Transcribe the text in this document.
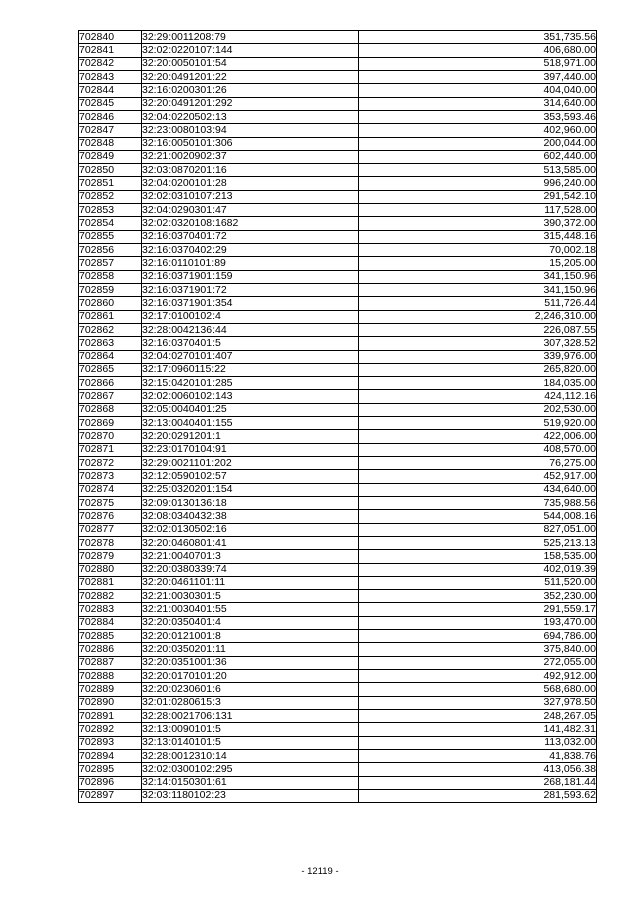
702840	32:29:0011208:79	351,735.56
702841	32:02:0220107:144	406,680.00
702842	32:20:0050101:54	518,971.00
702843	32:20:0491201:22	397,440.00
702844	32:16:0200301:26	404,040.00
702845	32:20:0491201:292	314,640.00
702846	32:04:0220502:13	353,593.46
702847	32:23:0080103:94	402,960.00
702848	32:16:0050101:306	200,044.00
702849	32:21:0020902:37	602,440.00
702850	32:03:0870201:16	513,585.00
702851	32:04:0200101:28	996,240.00
702852	32:02:0310107:213	291,542.10
702853	32:04:0290301:47	117,528.00
702854	32:02:0320108:1682	390,372.00
702855	32:16:0370401:72	315,448.16
702856	32:16:0370402:29	70,002.18
702857	32:16:0110101:89	15,205.00
702858	32:16:0371901:159	341,150.96
702859	32:16:0371901:72	341,150.96
702860	32:16:0371901:354	511,726.44
702861	32:17:0100102:4	2,246,310.00
702862	32:28:0042136:44	226,087.55
702863	32:16:0370401:5	307,328.52
702864	32:04:0270101:407	339,976.00
702865	32:17:0960115:22	265,820.00
702866	32:15:0420101:285	184,035.00
702867	32:02:0060102:143	424,112.16
702868	32:05:0040401:25	202,530.00
702869	32:13:0040401:155	519,920.00
702870	32:20:0291201:1	422,006.00
702871	32:23:0170104:91	408,570.00
702872	32:29:0021101:202	76,275.00
702873	32:12:0590102:57	452,917.00
702874	32:25:0320201:154	434,640.00
702875	32:09:0130136:18	735,988.56
702876	32:08:0340432:38	544,008.16
702877	32:02:0130502:16	827,051.00
702878	32:20:0460801:41	525,213.13
702879	32:21:0040701:3	158,535.00
702880	32:20:0380339:74	402,019.39
702881	32:20:0461101:11	511,520.00
702882	32:21:0030301:5	352,230.00
702883	32:21:0030401:55	291,559.17
702884	32:20:0350401:4	193,470.00
702885	32:20:0121001:8	694,786.00
702886	32:20:0350201:11	375,840.00
702887	32:20:0351001:36	272,055.00
702888	32:20:0170101:20	492,912.00
702889	32:20:0230601:6	568,680.00
702890	32:01:0280615:3	327,978.50
702891	32:28:0021706:131	248,267.05
702892	32:13:0090101:5	141,482.31
702893	32:13:0140101:5	113,032.00
702894	32:28:0012310:14	41,838.76
702895	32:02:0300102:295	413,056.38
702896	32:14:0150301:61	268,181.44
702897	32:03:1180102:23	281,593.62
- 12119 -
